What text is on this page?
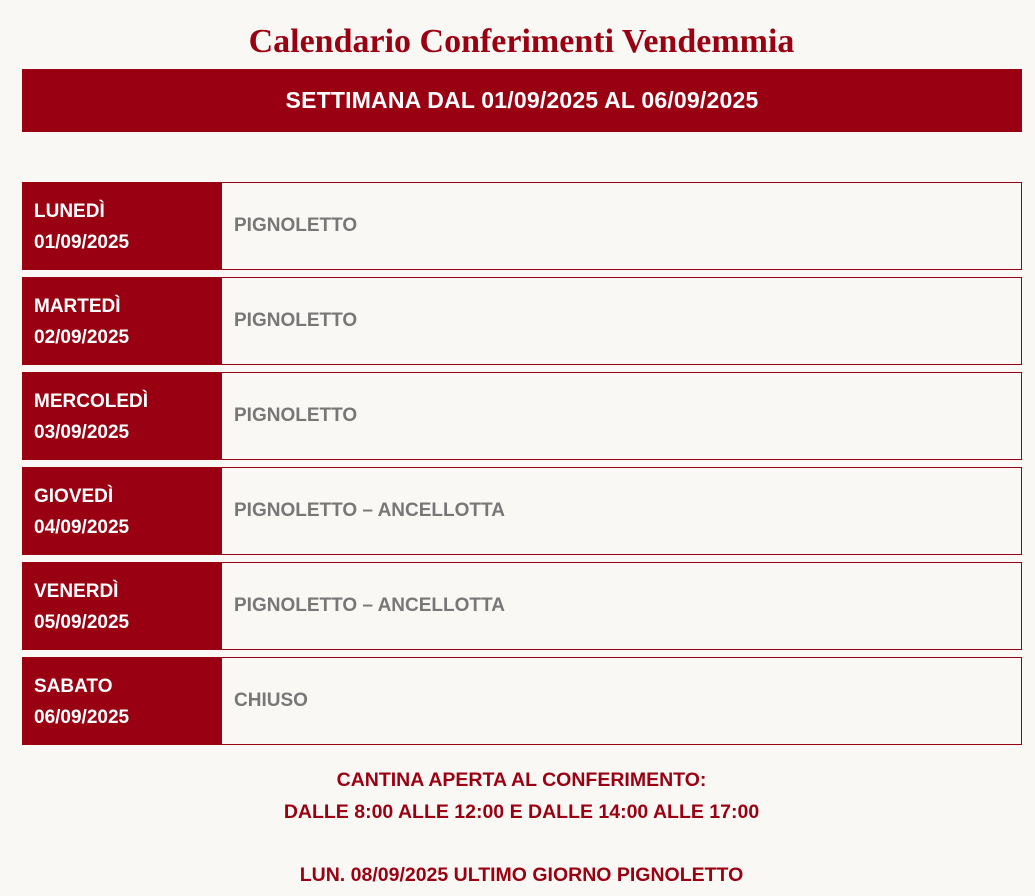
Calendario Conferimenti Vendemmia
SETTIMANA DAL 01/09/2025 AL 06/09/2025
LUNEDÌ
01/09/2025
PIGNOLETTO
MARTEDÌ
02/09/2025
PIGNOLETTO
MERCOLEDÌ
03/09/2025
PIGNOLETTO
GIOVEDÌ
04/09/2025
PIGNOLETTO – ANCELLOTTA
VENERDÌ
05/09/2025
PIGNOLETTO – ANCELLOTTA
SABATO
06/09/2025
CHIUSO
CANTINA APERTA AL CONFERIMENTO:
DALLE 8:00 ALLE 12:00 E DALLE 14:00 ALLE 17:00
LUN. 08/09/2025 ULTIMO GIORNO PIGNOLETTO
